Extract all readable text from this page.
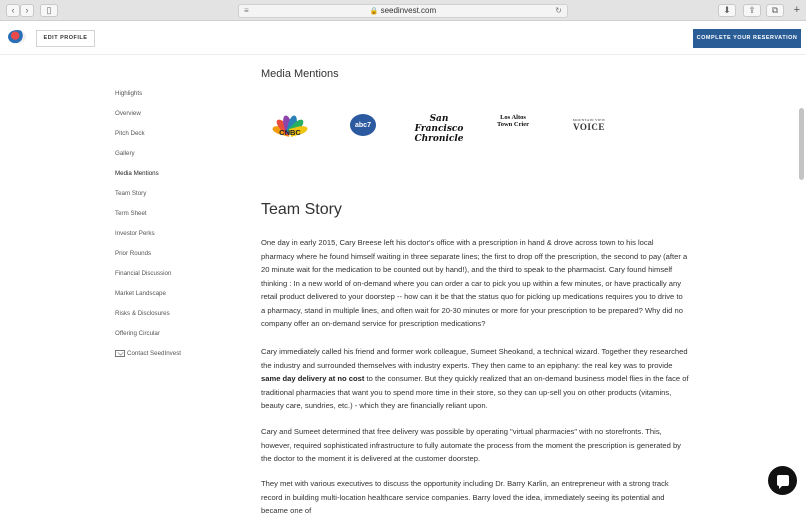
‹	›	▯	≡	🔒 seedinvest.com	↻	⬇	⇪	⧉	+
EDIT PROFILE	COMPLETE YOUR RESERVATION
Highlights
Overview
Pitch Deck
Gallery
Media Mentions
Team Story
Term Sheet
Investor Perks
Prior Rounds
Financial Discussion
Market Landscape
Risks & Disclosures
Offering Circular
Contact SeedInvest
Media Mentions
CNBC
abc7
San Francisco
Chronicle
Los Altos
Town Crier
MOUNTAIN VIEW
VOICE
Team Story
One day in early 2015, Cary Breese left his doctor's office with a prescription in hand & drove across town to his local pharmacy where he found himself waiting in three separate lines; the first to drop off the prescription, the second to pay (after a 20 minute wait for the medication to be counted out by hand!), and the third to speak to the pharmacist. Cary found himself thinking : In a new world of on-demand where you can order a car to pick you up within a few minutes, or have practically any retail product delivered to your doorstep -- how can it be that the status quo for picking up medications requires you to drive to a pharmacy, stand in multiple lines, and often wait for 20-30 minutes or more for your prescription to be prepared? Why did no company offer an on-demand service for prescription medications?
Cary immediately called his friend and former work colleague, Sumeet Sheokand, a technical wizard. Together they researched the industry and surrounded themselves with industry experts. They then came to an epiphany: the real key was to provide same day delivery at no cost to the consumer. But they quickly realized that an on-demand business model flies in the face of traditional pharmacies that want you to spend more time in their store, so they can up-sell you on other products (vitamins, beauty care, sundries, etc.) - which they are financially reliant upon.
Cary and Sumeet determined that free delivery was possible by operating "virtual pharmacies" with no storefronts. This, however, required sophisticated infrastructure to fully automate the process from the moment the prescription is generated by the doctor to the moment it is delivered at the customer doorstep.
They met with various executives to discuss the opportunity including Dr. Barry Karlin, an entrepreneur with a strong track record in building multi-location healthcare service companies. Barry loved the idea, immediately seeing its potential and became one of
